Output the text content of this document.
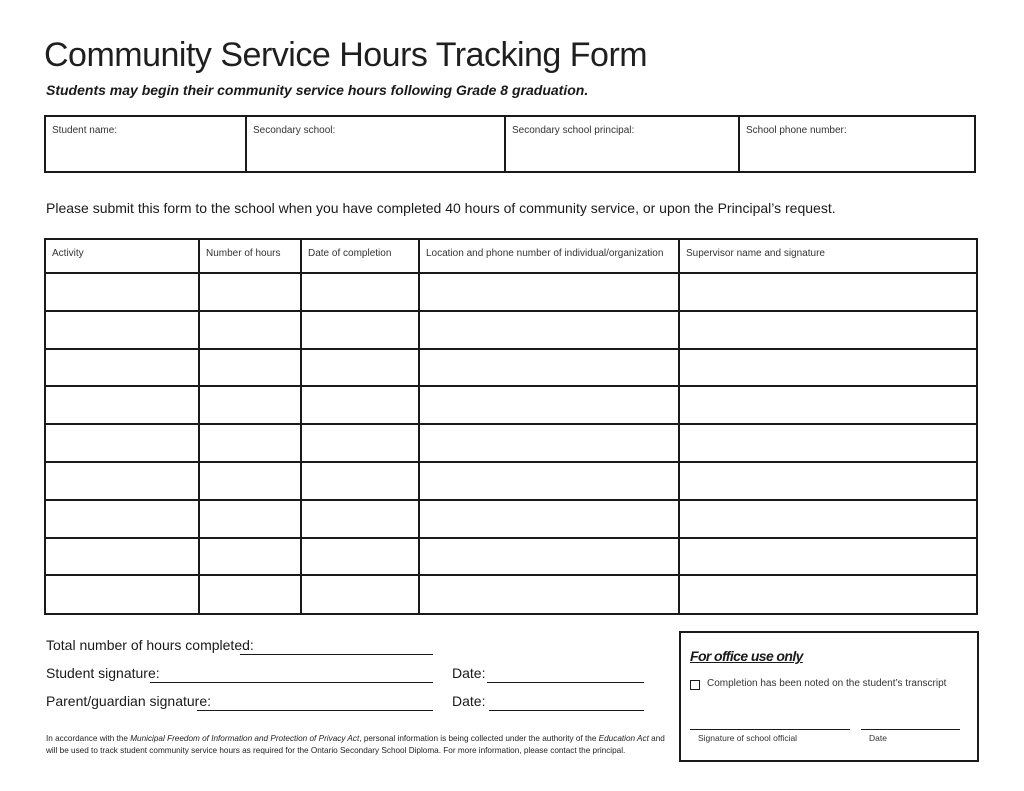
Community Service Hours Tracking Form
Students may begin their community service hours following Grade 8 graduation.
Student name:	Secondary school:	Secondary school principal:	School phone number:
Please submit this form to the school when you have completed 40 hours of community service, or upon the Principal’s request.
Activity	Number of hours	Date of completion	Location and phone number of individual/organization	Supervisor name and signature
Total number of hours completed:
Student signature:	Date:
Parent/guardian signature:	Date:
For office use only
Completion has been noted on the student’s transcript
Signature of school official	Date
In accordance with the Municipal Freedom of Information and Protection of Privacy Act, personal information is being collected under the authority of the Education Act and will be used to track student community service hours as required for the Ontario Secondary School Diploma. For more information, please contact the principal.
